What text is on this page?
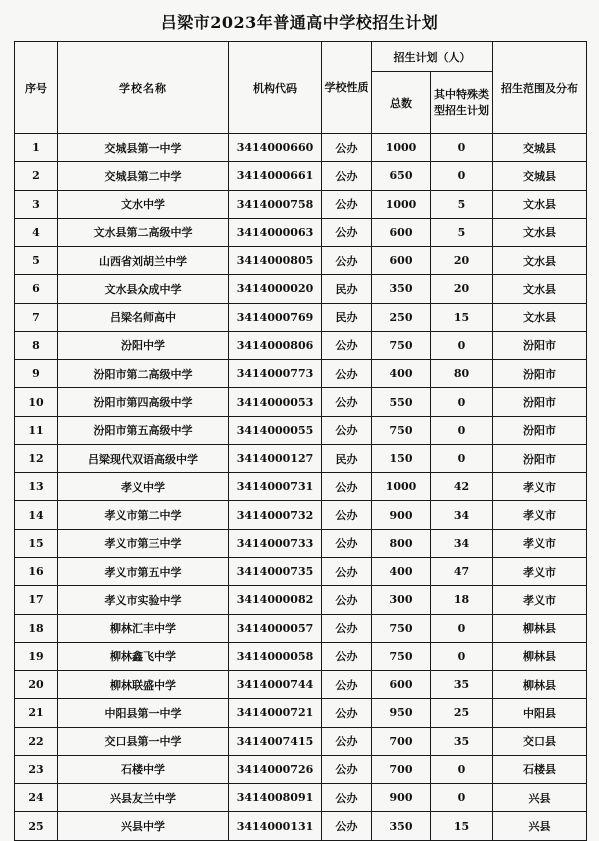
吕梁市2023年普通高中学校招生计划
序号	学校名称	机构代码	学校性质	招生计划（人）		招生范围及分布
				总数	其中特殊类型招生计划	
1	交城县第一中学	3414000660	公办	1000	0	交城县
2	交城县第二中学	3414000661	公办	650	0	交城县
3	文水中学	3414000758	公办	1000	5	文水县
4	文水县第二高级中学	3414000063	公办	600	5	文水县
5	山西省刘胡兰中学	3414000805	公办	600	20	文水县
6	文水县众成中学	3414000020	民办	350	20	文水县
7	吕梁名师高中	3414000769	民办	250	15	文水县
8	汾阳中学	3414000806	公办	750	0	汾阳市
9	汾阳市第二高级中学	3414000773	公办	400	80	汾阳市
10	汾阳市第四高级中学	3414000053	公办	550	0	汾阳市
11	汾阳市第五高级中学	3414000055	公办	750	0	汾阳市
12	吕梁现代双语高级中学	3414000127	民办	150	0	汾阳市
13	孝义中学	3414000731	公办	1000	42	孝义市
14	孝义市第二中学	3414000732	公办	900	34	孝义市
15	孝义市第三中学	3414000733	公办	800	34	孝义市
16	孝义市第五中学	3414000735	公办	400	47	孝义市
17	孝义市实验中学	3414000082	公办	300	18	孝义市
18	柳林汇丰中学	3414000057	公办	750	0	柳林县
19	柳林鑫飞中学	3414000058	公办	750	0	柳林县
20	柳林联盛中学	3414000744	公办	600	35	柳林县
21	中阳县第一中学	3414000721	公办	950	25	中阳县
22	交口县第一中学	3414007415	公办	700	35	交口县
23	石楼中学	3414000726	公办	700	0	石楼县
24	兴县友兰中学	3414008091	公办	900	0	兴县
25	兴县中学	3414000131	公办	350	15	兴县
